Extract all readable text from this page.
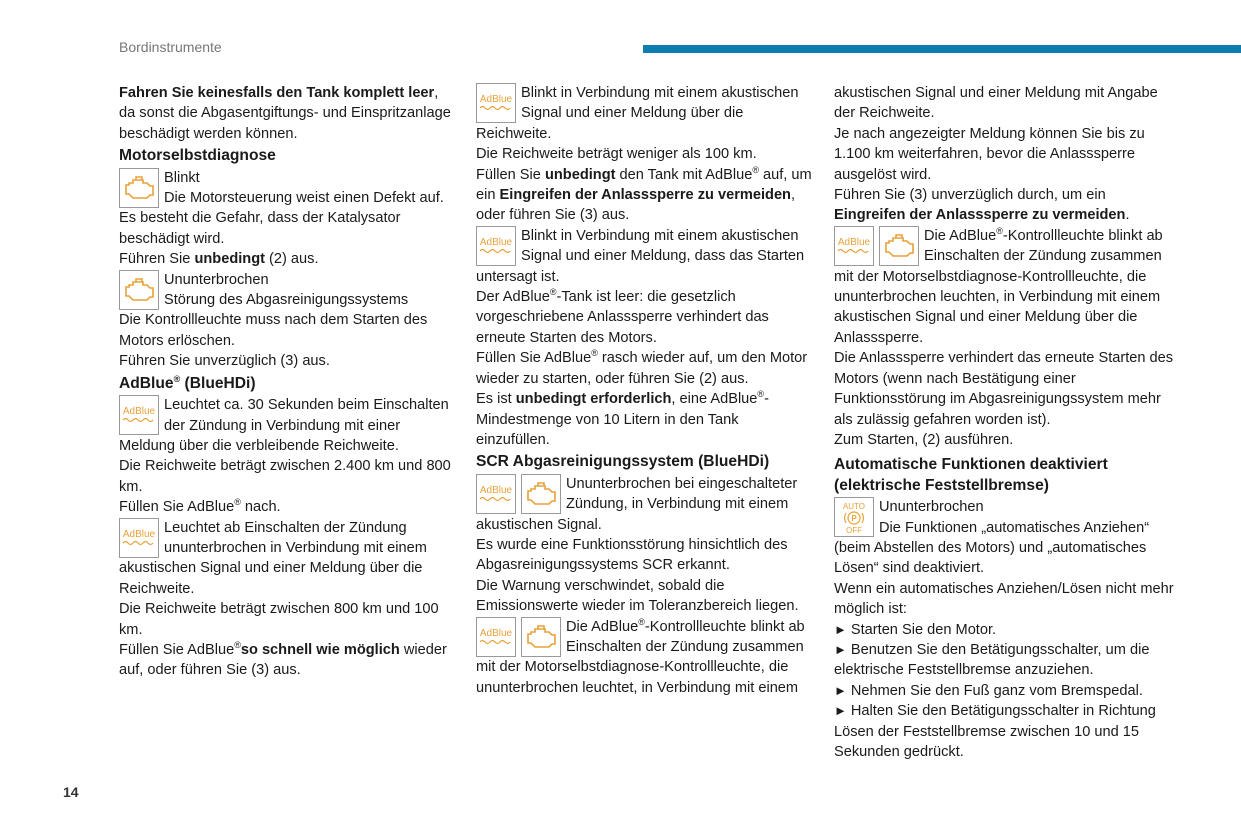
Bordinstrumente

Fahren Sie keinesfalls den Tank komplett leer, da sonst die Abgasentgiftungs- und Einspritzanlage beschädigt werden können.

Motorselbstdiagnose

Blinkt

Die Motorsteuerung weist einen Defekt auf. Es besteht die Gefahr, dass der Katalysator beschädigt wird.

Führen Sie unbedingt (2) aus.

Ununterbrochen

Störung des Abgasreinigungssystems

Die Kontrollleuchte muss nach dem Starten des Motors erlöschen.

Führen Sie unverzüglich (3) aus.

AdBlue® (BlueHDi)
AdBlue Leuchtet ca. 30 Sekunden beim Einschalten der Zündung in Verbindung mit einer Meldung über die verbleibende Reichweite.

Die Reichweite beträgt zwischen 2.400 km und 800 km.

Füllen Sie AdBlue® nach.

AdBlue Leuchtet ab Einschalten der Zündung ununterbrochen in Verbindung mit einem akustischen Signal und einer Meldung über die Reichweite.

Die Reichweite beträgt zwischen 800 km und 100 km.

Füllen Sie AdBlue®so schnell wie möglich wieder auf, oder führen Sie (3) aus.

AdBlue Blinkt in Verbindung mit einem akustischen Signal und einer Meldung über die Reichweite.

Die Reichweite beträgt weniger als 100 km.

Füllen Sie unbedingt den Tank mit AdBlue® auf, um ein Eingreifen der Anlasssperre zu vermeiden, oder führen Sie (3) aus.

AdBlue Blinkt in Verbindung mit einem akustischen Signal und einer Meldung, dass das Starten untersagt ist.

Der AdBlue®-Tank ist leer: die gesetzlich vorgeschriebene Anlasssperre verhindert das erneute Starten des Motors.

Füllen Sie AdBlue® rasch wieder auf, um den Motor wieder zu starten, oder führen Sie (2) aus.

Es ist unbedingt erforderlich, eine AdBlue®-Mindestmenge von 10 Litern in den Tank einzufüllen.

SCR Abgasreinigungssystem (BlueHDi)
AdBlue	Ununterbrochen bei eingeschalteter Zündung, in Verbindung mit einem akustischen Signal.

Es wurde eine Funktionsstörung hinsichtlich des Abgasreinigungssystems SCR erkannt.

Die Warnung verschwindet, sobald die Emissionswerte wieder im Toleranzbereich liegen.

AdBlue	Die AdBlue®-Kontrollleuchte blinkt ab Einschalten der Zündung zusammen mit der Motorselbstdiagnose-Kontrollleuchte, die ununterbrochen leuchtet, in Verbindung mit einem

akustischen Signal und einer Meldung mit Angabe der Reichweite.

Je nach angezeigter Meldung können Sie bis zu 1.100 km weiterfahren, bevor die Anlasssperre ausgelöst wird.

Führen Sie (3) unverzüglich durch, um ein Eingreifen der Anlasssperre zu vermeiden.

AdBlue	Die AdBlue®-Kontrollleuchte blinkt ab Einschalten der Zündung zusammen mit der Motorselbstdiagnose-Kontrollleuchte, die ununterbrochen leuchten, in Verbindung mit einem akustischen Signal und einer Meldung über die Anlasssperre.

Die Anlasssperre verhindert das erneute Starten des Motors (wenn nach Bestätigung einer Funktionsstörung im Abgasreinigungssystem mehr als zulässig gefahren worden ist).

Zum Starten, (2) ausführen.

Automatische Funktionen deaktiviert (elektrische Feststellbremse)
AUTO
P
OFF

Ununterbrochen

Die Funktionen „automatisches Anziehen“ (beim Abstellen des Motors) und „automatisches Lösen“ sind deaktiviert.

Wenn ein automatisches Anziehen/Lösen nicht mehr möglich ist:

► Starten Sie den Motor.

► Benutzen Sie den Betätigungsschalter, um die elektrische Feststellbremse anzuziehen.

► Nehmen Sie den Fuß ganz vom Bremspedal.

► Halten Sie den Betätigungsschalter in Richtung Lösen der Feststellbremse zwischen 10 und 15 Sekunden gedrückt.

14
